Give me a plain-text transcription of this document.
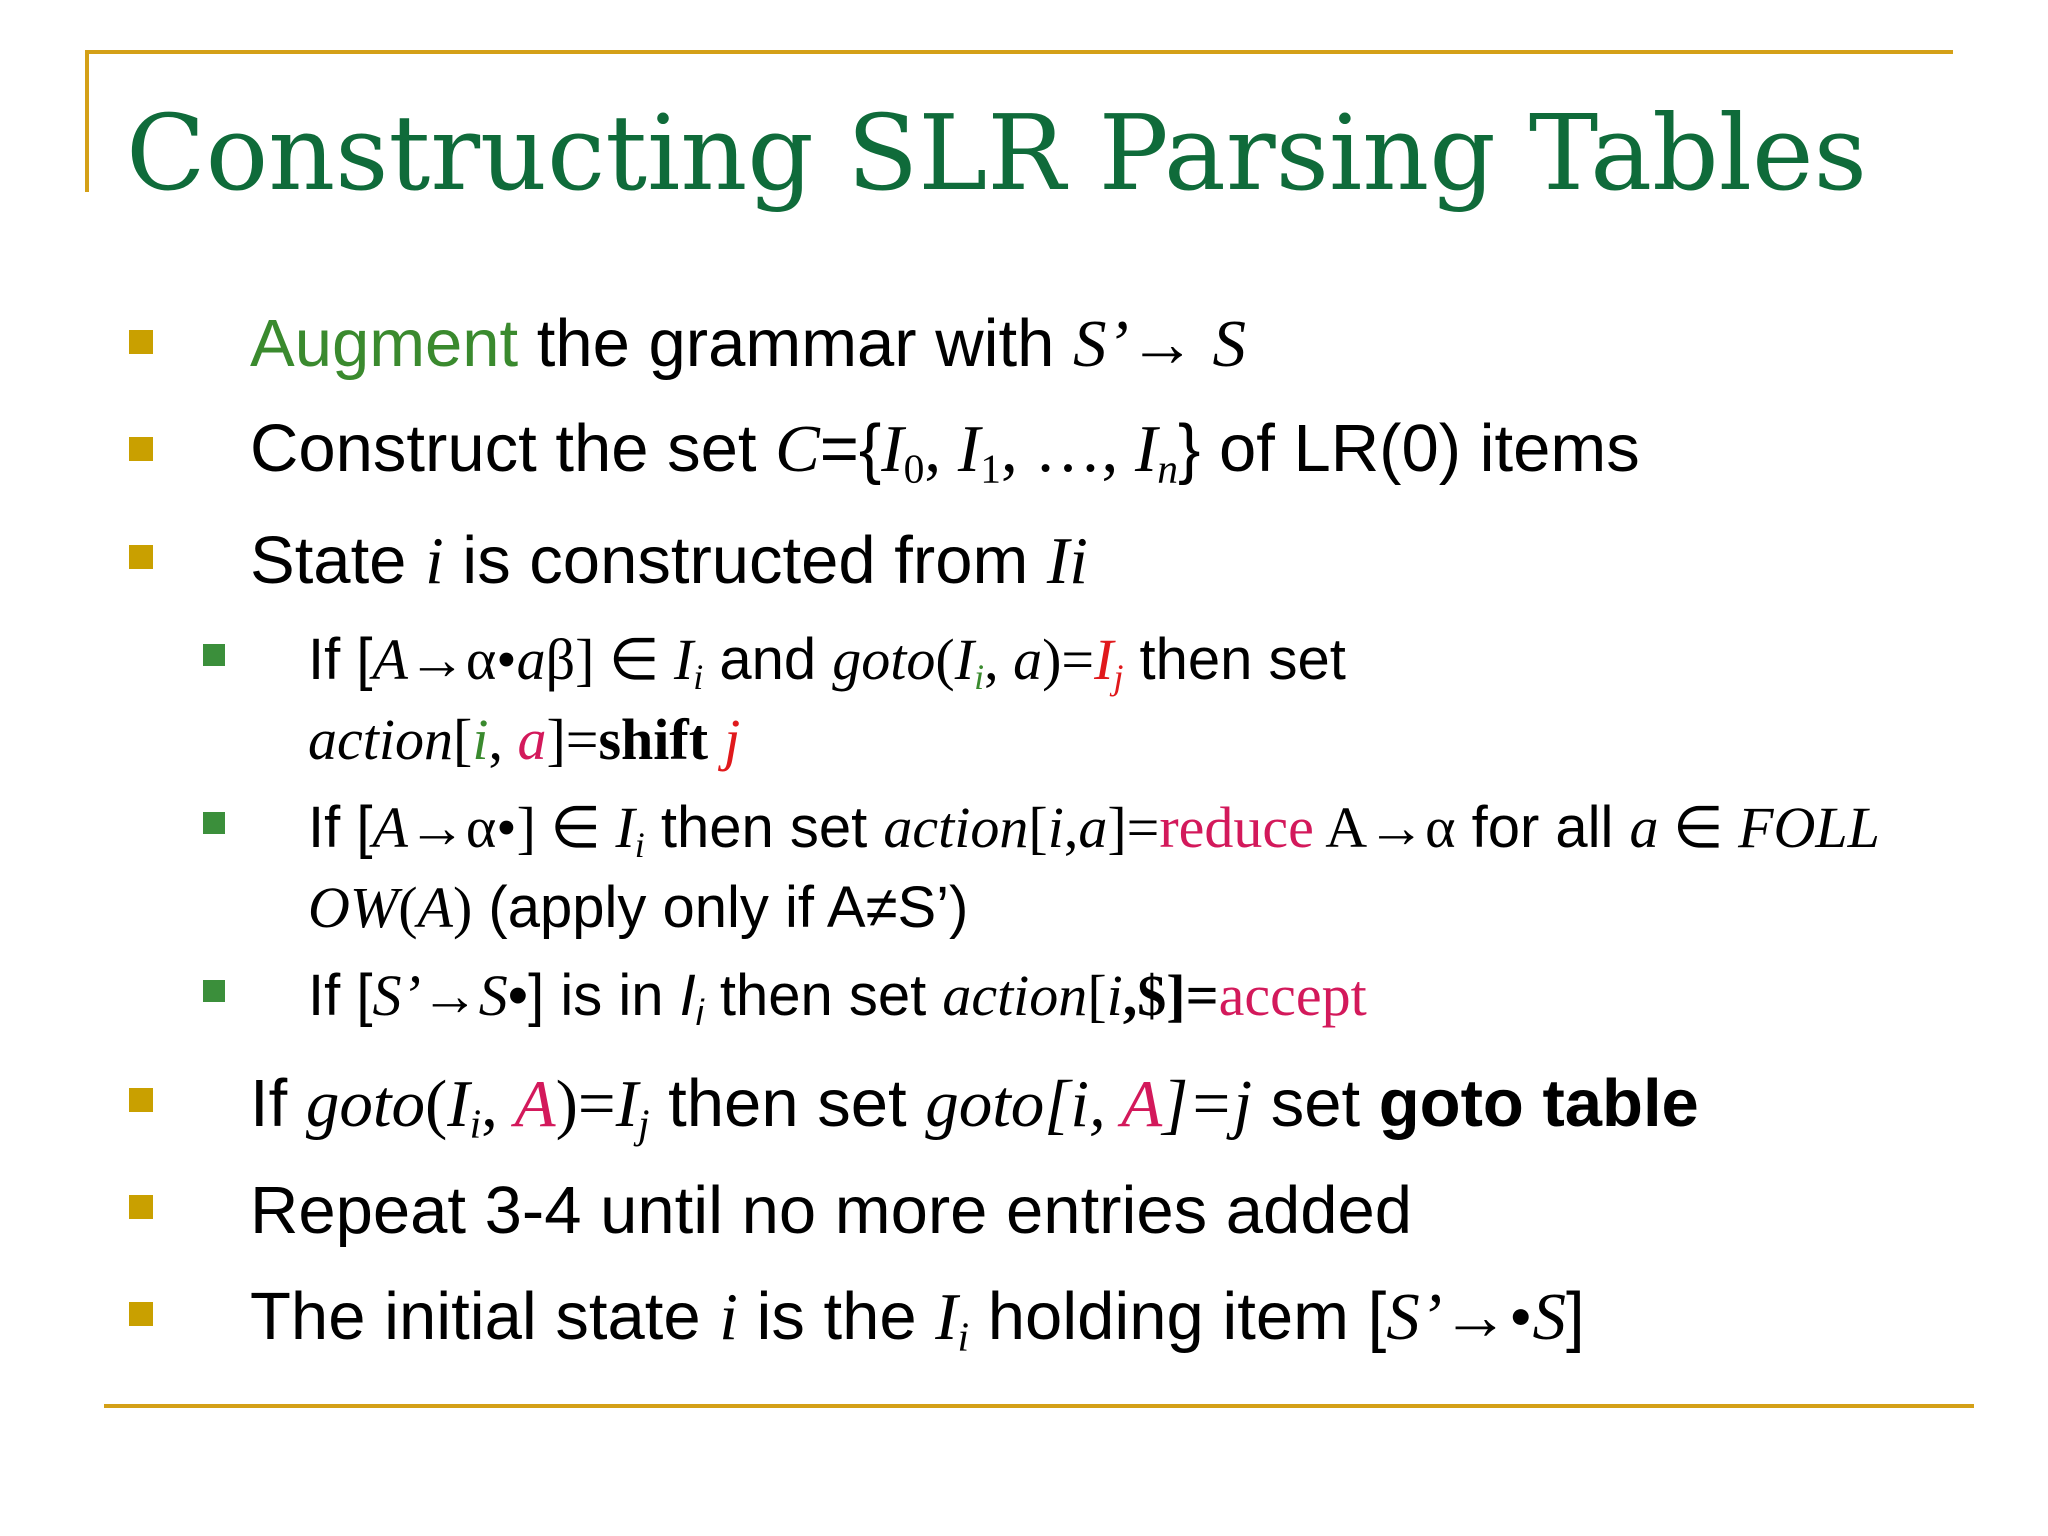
Constructing SLR Parsing Tables
Augment the grammar with S’→ S
Construct the set $C=\{I_0$, $I_1$, …, $I_n$} of LR(0) items
State i is constructed from Ii
If [A→α•aβ] ∈ $I_i$ and $goto(I_i$, $a)=I_j$ then set
action[i, a]=shift j
If [A→α•] ∈ $I_i$ then set action[i,a]=reduce A→α for all a ∈ FOLL
OW(A) (apply only if A≠S’)
If [S’→S•] is in $I_i$ then set action[i,$]=accept
If $goto(I_i$, $A)=I_j$ then set goto[i, A]=j set goto table
Repeat 3-4 until no more entries added
The initial state i is the $I_i$ holding item [S’→•S]
